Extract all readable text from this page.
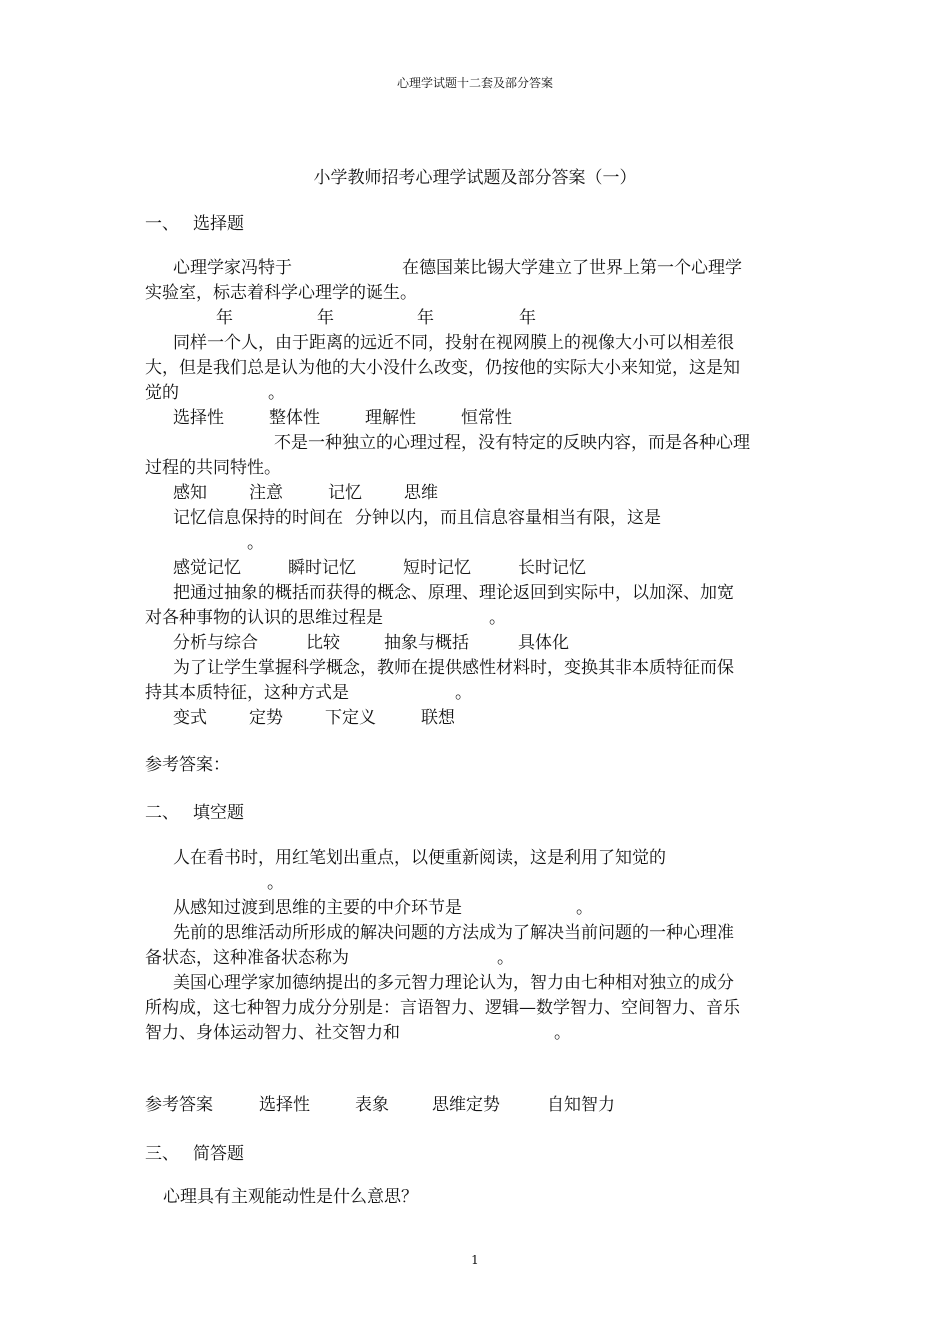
心理学试题十二套及部分答案
小学教师招考心理学试题及部分答案（一）
一、 选择题
心理学家冯特于	在德国莱比锡大学建立了世界上第一个心理学
实验室，标志着科学心理学的诞生。
年	年	年	年
同样一个人，由于距离的远近不同，投射在视网膜上的视像大小可以相差很
大，但是我们总是认为他的大小没什么改变，仍按他的实际大小来知觉，这是知
觉的	。
选择性	整体性	理解性	恒常性
不是一种独立的心理过程，没有特定的反映内容，而是各种心理
过程的共同特性。
感知 注意	记忆 思维
记忆信息保持的时间在 分钟以内，而且信息容量相当有限，这是
。
感觉记忆	瞬时记忆	短时记忆	长时记忆
把通过抽象的概括而获得的概念、原理、理论返回到实际中，以加深、加宽
对各种事物的认识的思维过程是	。
分析与综合	比较	抽象与概括	具体化
为了让学生掌握科学概念，教师在提供感性材料时，变换其非本质特征而保
持其本质特征，这种方式是	。
变式 定势 下定义	联想
参考答案：
二、 填空题
人在看书时，用红笔划出重点，以便重新阅读，这是利用了知觉的
。
从感知过渡到思维的主要的中介环节是	。
先前的思维活动所形成的解决问题的方法成为了解决当前问题的一种心理准
备状态，这种准备状态称为	。
美国心理学家加德纳提出的多元智力理论认为，智力由七种相对独立的成分
所构成，这七种智力成分分别是：言语智力、逻辑—数学智力、空间智力、音乐
智力、身体运动智力、社交智力和	。
参考答案	选择性	表象	思维定势	自知智力
三、 简答题
心理具有主观能动性是什么意思？
1
